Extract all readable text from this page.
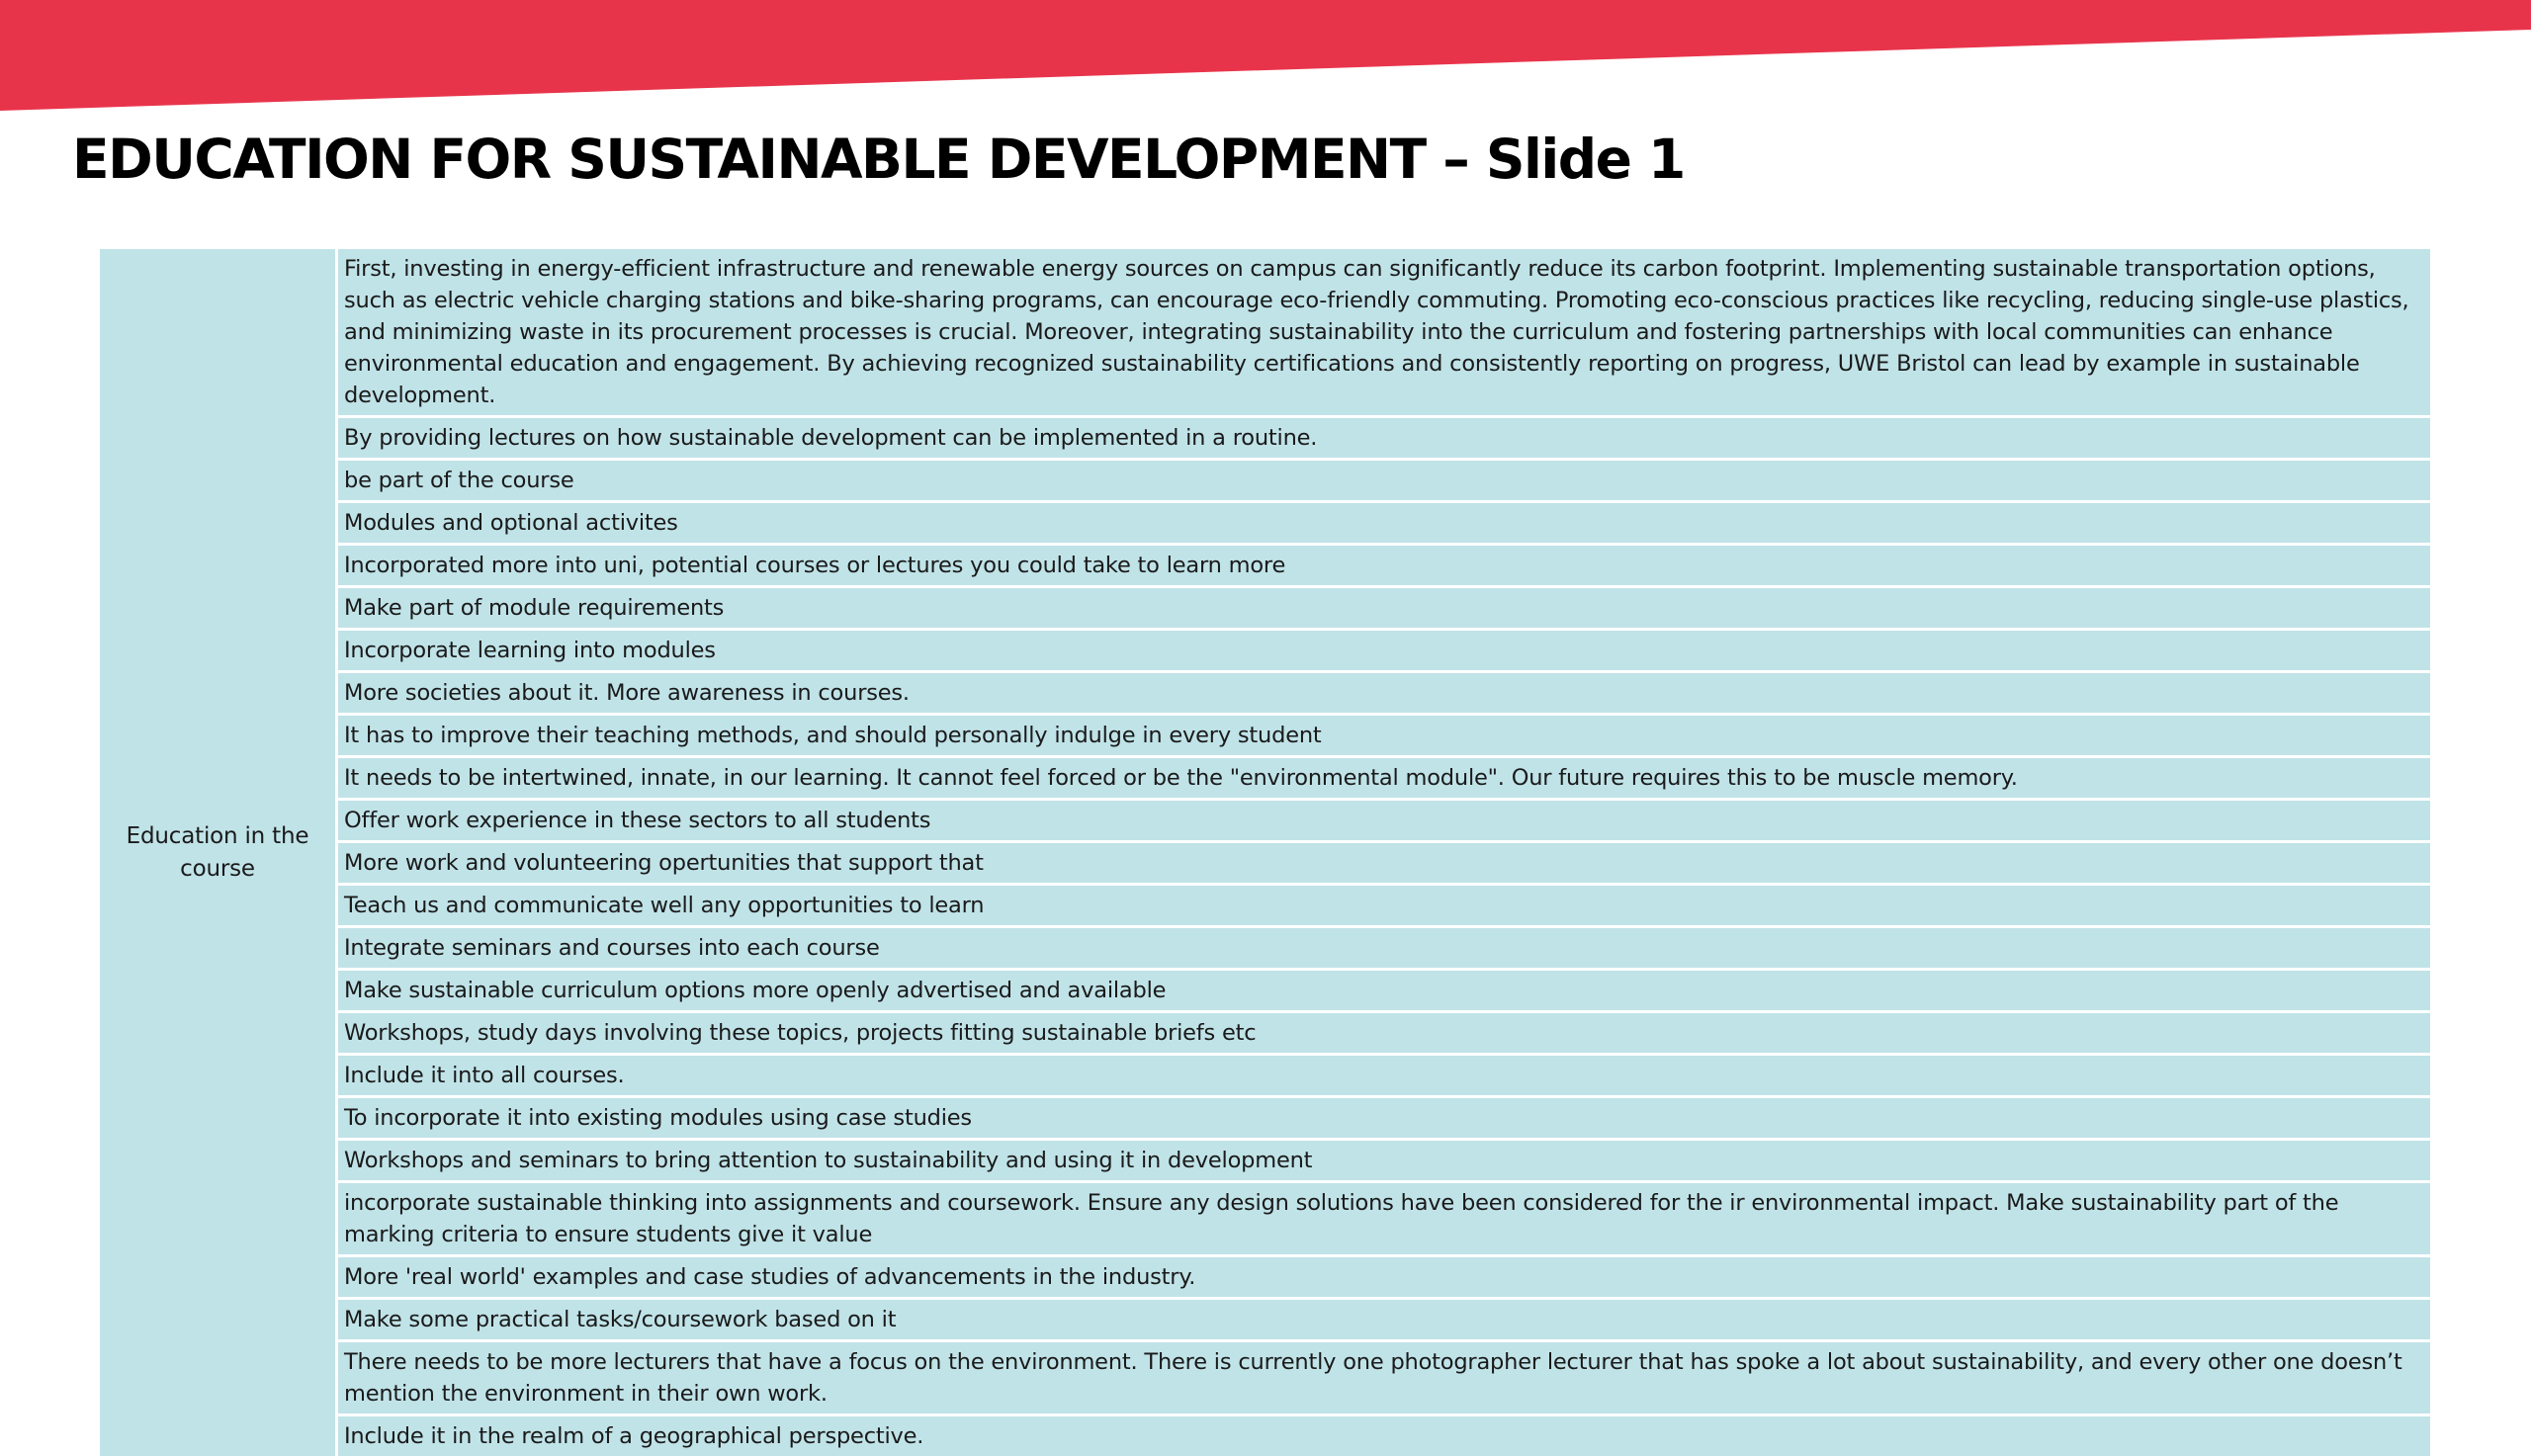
EDUCATION FOR SUSTAINABLE DEVELOPMENT – Slide 1
Education in the course	First, investing in energy-efficient infrastructure and renewable energy sources on campus can significantly reduce its carbon footprint. Implementing sustainable transportation options, such as electric vehicle charging stations and bike-sharing programs, can encourage eco-friendly commuting. Promoting eco-conscious practices like recycling, reducing single-use plastics, and minimizing waste in its procurement processes is crucial. Moreover, integrating sustainability into the curriculum and fostering partnerships with local communities can enhance environmental education and engagement. By achieving recognized sustainability certifications and consistently reporting on progress, UWE Bristol can lead by example in sustainable development.
By providing lectures on how sustainable development can be implemented in a routine.
be part of the course
Modules and optional activites
Incorporated more into uni, potential courses or lectures you could take to learn more
Make part of module requirements
Incorporate learning into modules
More societies about it. More awareness in courses.
It has to improve their teaching methods, and should personally indulge in every student
It needs to be intertwined, innate, in our learning. It cannot feel forced or be the "environmental module". Our future requires this to be muscle memory.
Offer work experience in these sectors to all students
More work and volunteering opertunities that support that
Teach us and communicate well any opportunities to learn
Integrate seminars and courses into each course
Make sustainable curriculum options more openly advertised and available
Workshops, study days involving these topics, projects fitting sustainable briefs etc
Include it into all courses.
To incorporate it into existing modules using case studies
Workshops and seminars to bring attention to sustainability and using it in development
incorporate sustainable thinking into assignments and coursework. Ensure any design solutions have been considered for the ir environmental impact. Make sustainability part of the marking criteria to ensure students give it value
More 'real world' examples and case studies of advancements in the industry.
Make some practical tasks/coursework based on it
There needs to be more lecturers that have a focus on the environment. There is currently one photographer lecturer that has spoke a lot about sustainability, and every other one doesn’t mention the environment in their own work.
Include it in the realm of a geographical perspective.
